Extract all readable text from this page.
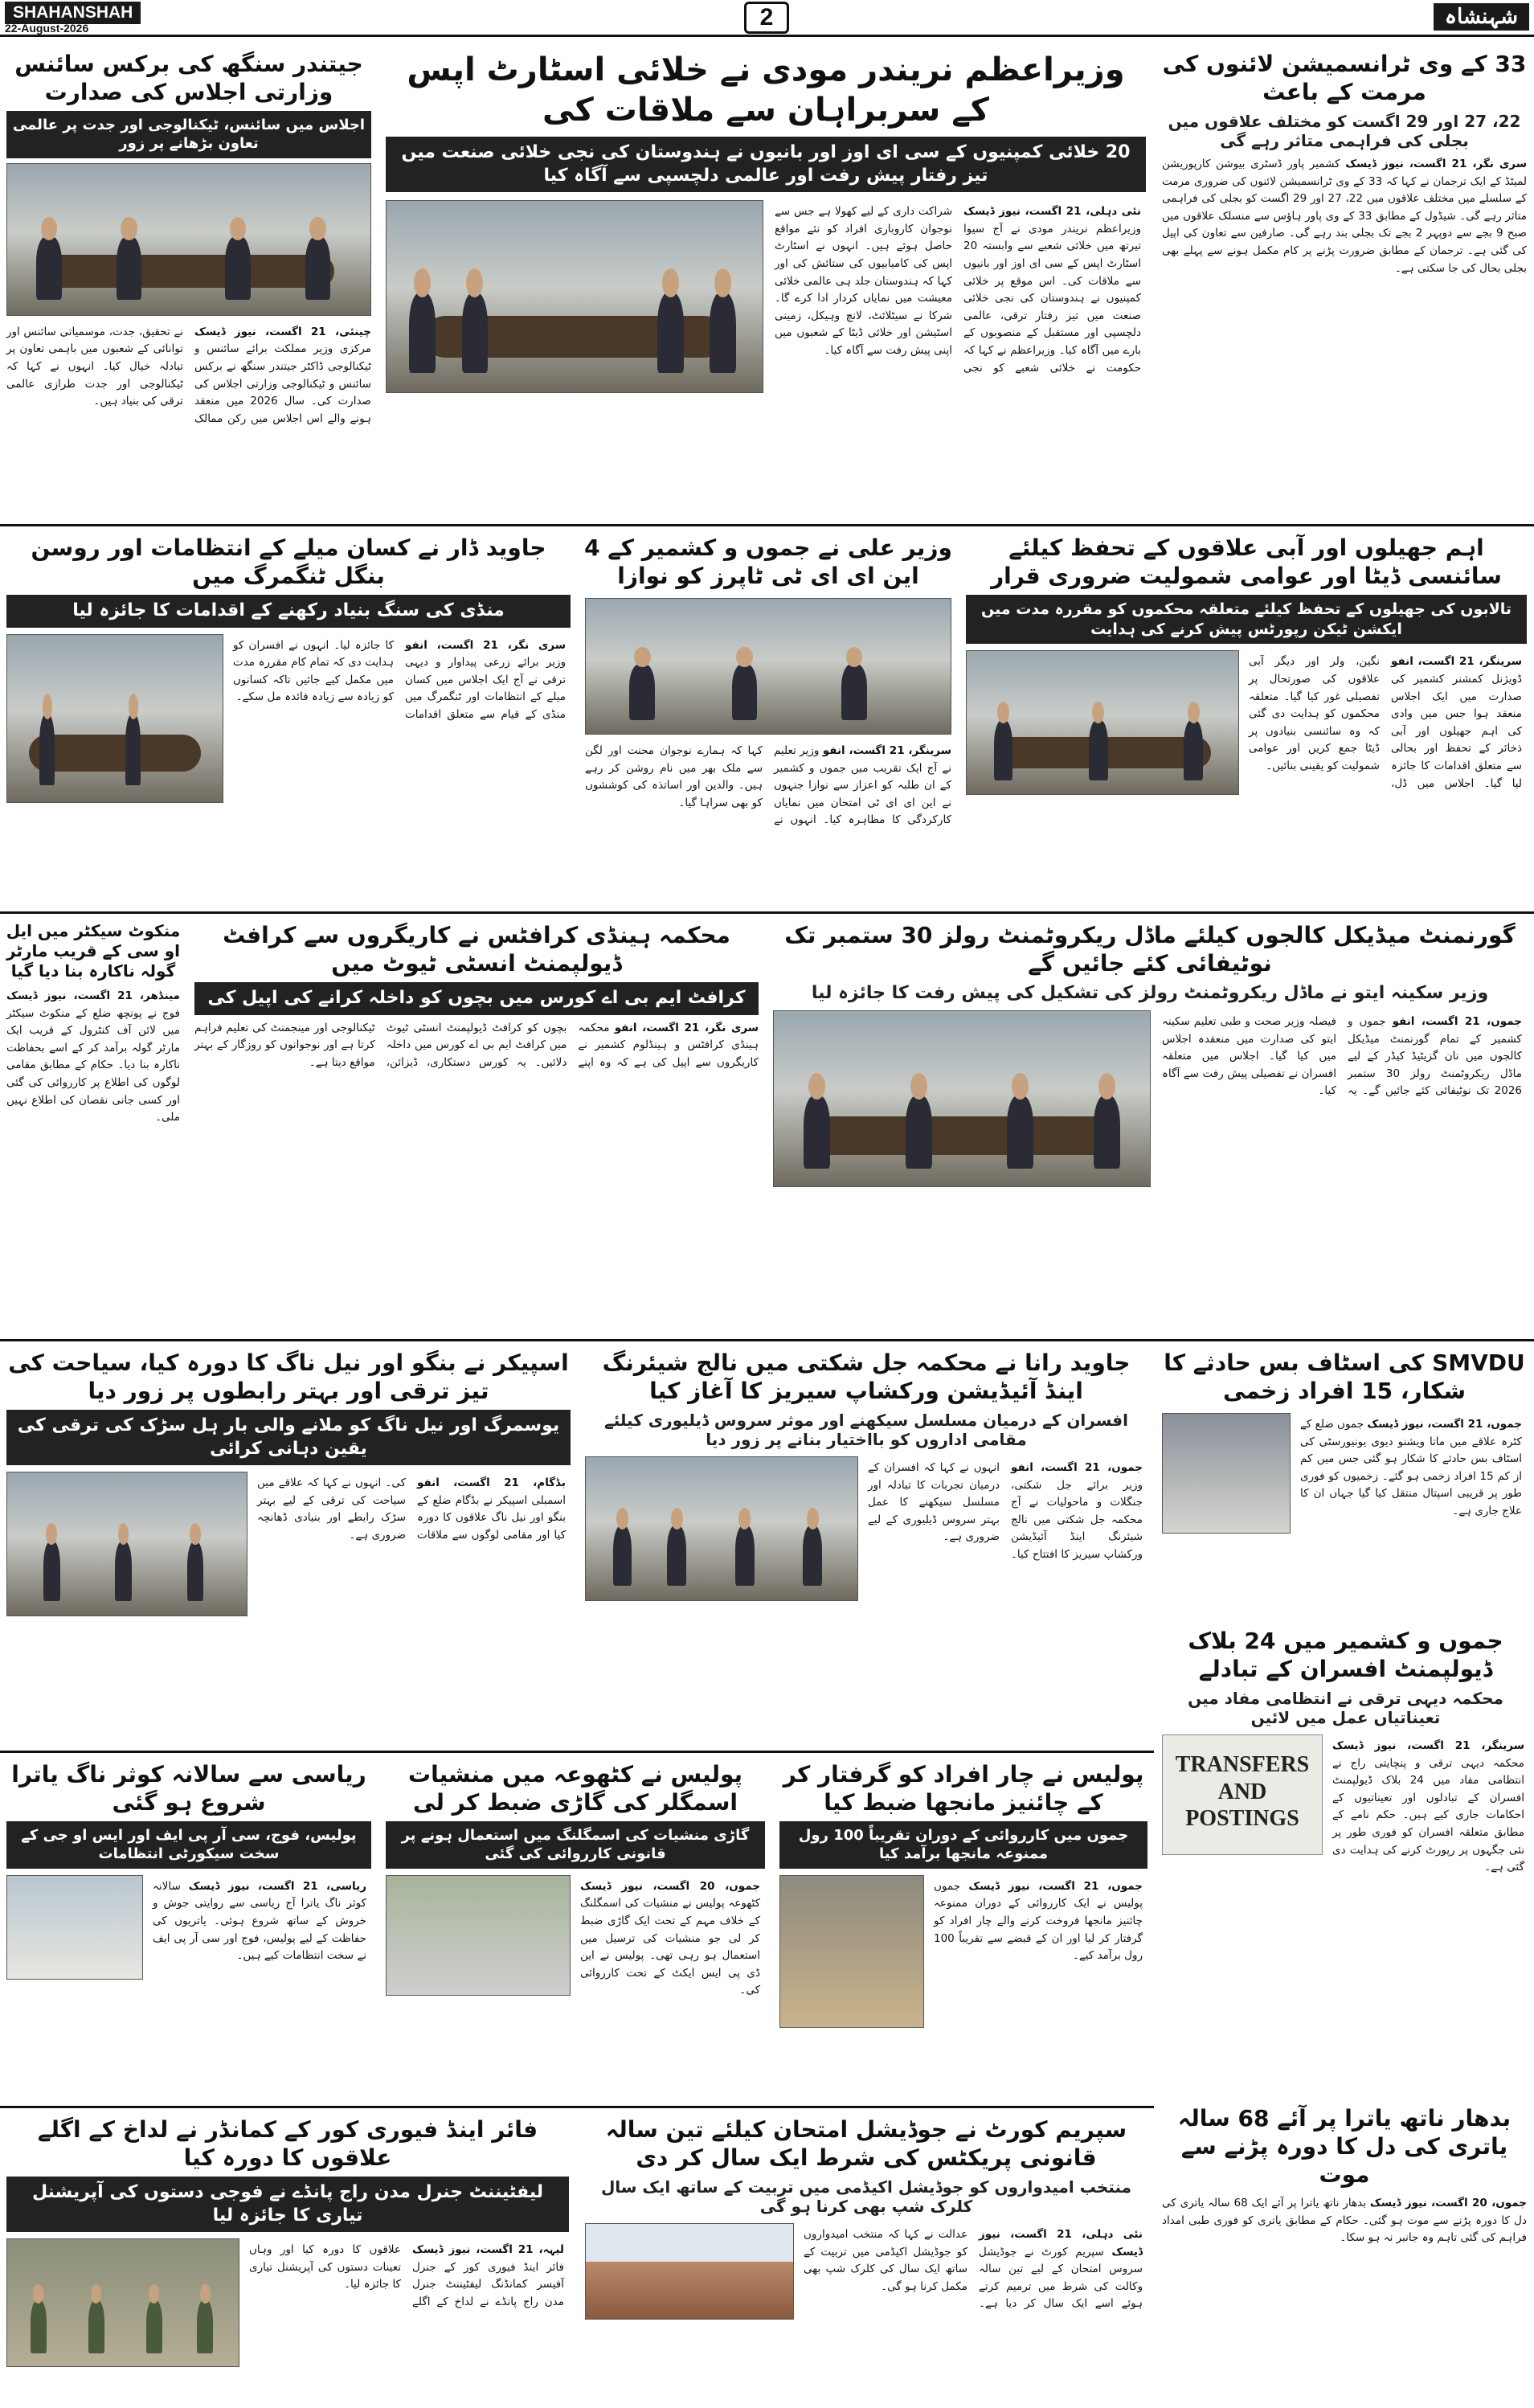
SHAHANSHAH
22-August-2026	2	شہنشاہ
وزیراعظم نریندر مودی نے خلائی اسٹارٹ اپس کے سربراہان سے ملاقات کی
20 خلائی کمپنیوں کے سی ای اوز اور بانیوں نے ہندوستان کی نجی خلائی صنعت میں تیز رفتار پیش رفت اور عالمی دلچسپی سے آگاہ کیا
نئی دہلی، 21 اگست، نیوز ڈیسک وزیراعظم نریندر مودی نے آج سیوا تیرتھ میں خلائی شعبے سے وابستہ 20 اسٹارٹ اپس کے سی ای اوز اور بانیوں سے ملاقات کی۔ اس موقع پر خلائی کمپنیوں نے ہندوستان کی نجی خلائی صنعت میں تیز رفتار ترقی، عالمی دلچسپی اور مستقبل کے منصوبوں کے بارے میں آگاہ کیا۔ وزیراعظم نے کہا کہ حکومت نے خلائی شعبے کو نجی شراکت داری کے لیے کھولا ہے جس سے نوجوان کاروباری افراد کو نئے مواقع حاصل ہوئے ہیں۔ انہوں نے اسٹارٹ اپس کی کامیابیوں کی ستائش کی اور کہا کہ ہندوستان جلد ہی عالمی خلائی معیشت میں نمایاں کردار ادا کرے گا۔ شرکا نے سیٹلائٹ، لانچ وہیکل، زمینی اسٹیشن اور خلائی ڈیٹا کے شعبوں میں اپنی پیش رفت سے آگاہ کیا۔
33 کے وی ٹرانسمیشن لائنوں کی مرمت کے باعث
22، 27 اور 29 اگست کو مختلف علاقوں میں بجلی کی فراہمی متاثر رہے گی
سری نگر، 21 اگست، نیوز ڈیسک کشمیر پاور ڈسٹری بیوشن کارپوریشن لمیٹڈ کے ایک ترجمان نے کہا کہ 33 کے وی ٹرانسمیشن لائنوں کی ضروری مرمت کے سلسلے میں مختلف علاقوں میں 22، 27 اور 29 اگست کو بجلی کی فراہمی متاثر رہے گی۔ شیڈول کے مطابق 33 کے وی پاور ہاؤس سے منسلک علاقوں میں صبح 9 بجے سے دوپہر 2 بجے تک بجلی بند رہے گی۔ صارفین سے تعاون کی اپیل کی گئی ہے۔ ترجمان کے مطابق ضرورت پڑنے پر کام مکمل ہونے سے پہلے بھی بجلی بحال کی جا سکتی ہے۔
جیتندر سنگھ کی برکس سائنس وزارتی اجلاس کی صدارت
اجلاس میں سائنس، ٹیکنالوجی اور جدت پر عالمی تعاون بڑھانے پر زور
چینئی، 21 اگست، نیوز ڈیسک مرکزی وزیر مملکت برائے سائنس و ٹیکنالوجی ڈاکٹر جیتندر سنگھ نے برکس سائنس و ٹیکنالوجی وزارتی اجلاس کی صدارت کی۔ سال 2026 میں منعقد ہونے والے اس اجلاس میں رکن ممالک نے تحقیق، جدت، موسمیاتی سائنس اور توانائی کے شعبوں میں باہمی تعاون پر تبادلہ خیال کیا۔ انہوں نے کہا کہ ٹیکنالوجی اور جدت طرازی عالمی ترقی کی بنیاد ہیں۔
اہم جھیلوں اور آبی علاقوں کے تحفظ کیلئے سائنسی ڈیٹا اور عوامی شمولیت ضروری قرار
تالابوں کی جھیلوں کے تحفظ کیلئے متعلقہ محکموں کو مقررہ مدت میں ایکشن ٹیکن رپورٹس پیش کرنے کی ہدایت
سرینگر، 21 اگست، انفو ڈویژنل کمشنر کشمیر کی صدارت میں ایک اجلاس منعقد ہوا جس میں وادی کی اہم جھیلوں اور آبی ذخائر کے تحفظ اور بحالی سے متعلق اقدامات کا جائزہ لیا گیا۔ اجلاس میں ڈل، نگین، ولر اور دیگر آبی علاقوں کی صورتحال پر تفصیلی غور کیا گیا۔ متعلقہ محکموں کو ہدایت دی گئی کہ وہ سائنسی بنیادوں پر ڈیٹا جمع کریں اور عوامی شمولیت کو یقینی بنائیں۔
وزیر علی نے جموں و کشمیر کے 4 این ای ای ٹی ٹاپرز کو نوازا
سرینگر، 21 اگست، انفو وزیر تعلیم نے آج ایک تقریب میں جموں و کشمیر کے ان طلبہ کو اعزاز سے نوازا جنہوں نے این ای ای ٹی امتحان میں نمایاں کارکردگی کا مظاہرہ کیا۔ انہوں نے کہا کہ ہمارے نوجوان محنت اور لگن سے ملک بھر میں نام روشن کر رہے ہیں۔ والدین اور اساتذہ کی کوششوں کو بھی سراہا گیا۔
جاوید ڈار نے کسان میلے کے انتظامات اور روسن بنگل ٹنگمرگ میں
منڈی کی سنگ بنیاد رکھنے کے اقدامات کا جائزہ لیا
سری نگر، 21 اگست، انفو وزیر برائے زرعی پیداوار و دیہی ترقی نے آج ایک اجلاس میں کسان میلے کے انتظامات اور ٹنگمرگ میں منڈی کے قیام سے متعلق اقدامات کا جائزہ لیا۔ انہوں نے افسران کو ہدایت دی کہ تمام کام مقررہ مدت میں مکمل کیے جائیں تاکہ کسانوں کو زیادہ سے زیادہ فائدہ مل سکے۔
گورنمنٹ میڈیکل کالجوں کیلئے ماڈل ریکروٹمنٹ رولز 30 ستمبر تک نوٹیفائی کئے جائیں گے
وزیر سکینہ ایتو نے ماڈل ریکروٹمنٹ رولز کی تشکیل کی پیش رفت کا جائزہ لیا
جموں، 21 اگست، انفو جموں و کشمیر کے تمام گورنمنٹ میڈیکل کالجوں میں نان گزیٹیڈ کیڈر کے لیے ماڈل ریکروٹمنٹ رولز 30 ستمبر 2026 تک نوٹیفائی کئے جائیں گے۔ یہ فیصلہ وزیر صحت و طبی تعلیم سکینہ ایتو کی صدارت میں منعقدہ اجلاس میں کیا گیا۔ اجلاس میں متعلقہ افسران نے تفصیلی پیش رفت سے آگاہ کیا۔
محکمہ ہینڈی کرافٹس نے کاریگروں سے کرافٹ ڈیولپمنٹ انسٹی ٹیوٹ میں
کرافٹ ایم بی اے کورس میں بچوں کو داخلہ کرانے کی اپیل کی
سری نگر، 21 اگست، انفو محکمہ ہینڈی کرافٹس و ہینڈلوم کشمیر نے کاریگروں سے اپیل کی ہے کہ وہ اپنے بچوں کو کرافٹ ڈیولپمنٹ انسٹی ٹیوٹ میں کرافٹ ایم بی اے کورس میں داخلہ دلائیں۔ یہ کورس دستکاری، ڈیزائن، ٹیکنالوجی اور مینجمنٹ کی تعلیم فراہم کرتا ہے اور نوجوانوں کو روزگار کے بہتر مواقع دیتا ہے۔
منکوٹ سیکٹر میں ایل او سی کے قریب مارٹر گولہ ناکارہ بنا دیا گیا
مینڈھر، 21 اگست، نیوز ڈیسک فوج نے پونچھ ضلع کے منکوٹ سیکٹر میں لائن آف کنٹرول کے قریب ایک مارٹر گولہ برآمد کر کے اسے بحفاظت ناکارہ بنا دیا۔ حکام کے مطابق مقامی لوگوں کی اطلاع پر کارروائی کی گئی اور کسی جانی نقصان کی اطلاع نہیں ملی۔
SMVDU کی اسٹاف بس حادثے کا شکار، 15 افراد زخمی
جموں، 21 اگست، نیوز ڈیسک جموں ضلع کے کٹرہ علاقے میں ماتا ویشنو دیوی یونیورسٹی کی اسٹاف بس حادثے کا شکار ہو گئی جس میں کم از کم 15 افراد زخمی ہو گئے۔ زخمیوں کو فوری طور پر قریبی اسپتال منتقل کیا گیا جہاں ان کا علاج جاری ہے۔
جاوید رانا نے محکمہ جل شکتی میں نالج شیئرنگ اینڈ آئیڈیشن ورکشاپ سیریز کا آغاز کیا
افسران کے درمیان مسلسل سیکھنے اور موثر سروس ڈیلیوری کیلئے مقامی اداروں کو بااختیار بنانے پر زور دیا
جموں، 21 اگست، انفو وزیر برائے جل شکتی، جنگلات و ماحولیات نے آج محکمہ جل شکتی میں نالج شیئرنگ اینڈ آئیڈیشن ورکشاپ سیریز کا افتتاح کیا۔ انہوں نے کہا کہ افسران کے درمیان تجربات کا تبادلہ اور مسلسل سیکھنے کا عمل بہتر سروس ڈیلیوری کے لیے ضروری ہے۔
اسپیکر نے بنگو اور نیل ناگ کا دورہ کیا، سیاحت کی تیز ترقی اور بہتر رابطوں پر زور دیا
یوسمرگ اور نیل ناگ کو ملانے والی بار ہل سڑک کی ترقی کی یقین دہانی کرائی
بڈگام، 21 اگست، انفو اسمبلی اسپیکر نے بڈگام ضلع کے بنگو اور نیل ناگ علاقوں کا دورہ کیا اور مقامی لوگوں سے ملاقات کی۔ انہوں نے کہا کہ علاقے میں سیاحت کی ترقی کے لیے بہتر سڑک رابطے اور بنیادی ڈھانچہ ضروری ہے۔
جموں و کشمیر میں 24 بلاک ڈیولپمنٹ افسران کے تبادلے
محکمہ دیہی ترقی نے انتظامی مفاد میں تعیناتیاں عمل میں لائیں
سرینگر، 21 اگست، نیوز ڈیسک محکمہ دیہی ترقی و پنچایتی راج نے انتظامی مفاد میں 24 بلاک ڈیولپمنٹ افسران کے تبادلوں اور تعیناتیوں کے احکامات جاری کیے ہیں۔ حکم نامے کے مطابق متعلقہ افسران کو فوری طور پر نئی جگہوں پر رپورٹ کرنے کی ہدایت دی گئی ہے۔
TRANSFERS AND POSTINGS
ریاسی سے سالانہ کوثر ناگ یاترا شروع ہو گئی
پولیس، فوج، سی آر پی ایف اور ایس او جی کے سخت سیکورٹی انتظامات
ریاسی، 21 اگست، نیوز ڈیسک سالانہ کوثر ناگ یاترا آج ریاسی سے روایتی جوش و خروش کے ساتھ شروع ہوئی۔ یاتریوں کی حفاظت کے لیے پولیس، فوج اور سی آر پی ایف نے سخت انتظامات کیے ہیں۔
پولیس نے کٹھوعہ میں منشیات اسمگلر کی گاڑی ضبط کر لی
گاڑی منشیات کی اسمگلنگ میں استعمال ہونے پر قانونی کارروائی کی گئی
جموں، 20 اگست، نیوز ڈیسک کٹھوعہ پولیس نے منشیات کی اسمگلنگ کے خلاف مہم کے تحت ایک گاڑی ضبط کر لی جو منشیات کی ترسیل میں استعمال ہو رہی تھی۔ پولیس نے این ڈی پی ایس ایکٹ کے تحت کارروائی کی۔
پولیس نے چار افراد کو گرفتار کر کے چائنیز مانجھا ضبط کیا
جموں میں کارروائی کے دوران تقریباً 100 رول ممنوعہ مانجھا برآمد کیا
جموں، 21 اگست، نیوز ڈیسک جموں پولیس نے ایک کارروائی کے دوران ممنوعہ چائنیز مانجھا فروخت کرنے والے چار افراد کو گرفتار کر لیا اور ان کے قبضے سے تقریباً 100 رول برآمد کیے۔
بدھار ناتھ یاترا پر آئے 68 سالہ یاتری کی دل کا دورہ پڑنے سے موت
جموں، 20 اگست، نیوز ڈیسک بدھار ناتھ یاترا پر آئے ایک 68 سالہ یاتری کی دل کا دورہ پڑنے سے موت ہو گئی۔ حکام کے مطابق یاتری کو فوری طبی امداد فراہم کی گئی تاہم وہ جانبر نہ ہو سکا۔
فائر اینڈ فیوری کور کے کمانڈر نے لداخ کے اگلے علاقوں کا دورہ کیا
لیفٹیننٹ جنرل مدن راج پانڈے نے فوجی دستوں کی آپریشنل تیاری کا جائزہ لیا
لیہہ، 21 اگست، نیوز ڈیسک فائر اینڈ فیوری کور کے جنرل آفیسر کمانڈنگ لیفٹیننٹ جنرل مدن راج پانڈے نے لداخ کے اگلے علاقوں کا دورہ کیا اور وہاں تعینات دستوں کی آپریشنل تیاری کا جائزہ لیا۔
سپریم کورٹ نے جوڈیشل امتحان کیلئے تین سالہ قانونی پریکٹس کی شرط ایک سال کر دی
منتخب امیدواروں کو جوڈیشل اکیڈمی میں تربیت کے ساتھ ایک سال کلرک شپ بھی کرنا ہو گی
نئی دہلی، 21 اگست، نیوز ڈیسک سپریم کورٹ نے جوڈیشل سروس امتحان کے لیے تین سالہ وکالت کی شرط میں ترمیم کرتے ہوئے اسے ایک سال کر دیا ہے۔ عدالت نے کہا کہ منتخب امیدواروں کو جوڈیشل اکیڈمی میں تربیت کے ساتھ ایک سال کی کلرک شپ بھی مکمل کرنا ہو گی۔
